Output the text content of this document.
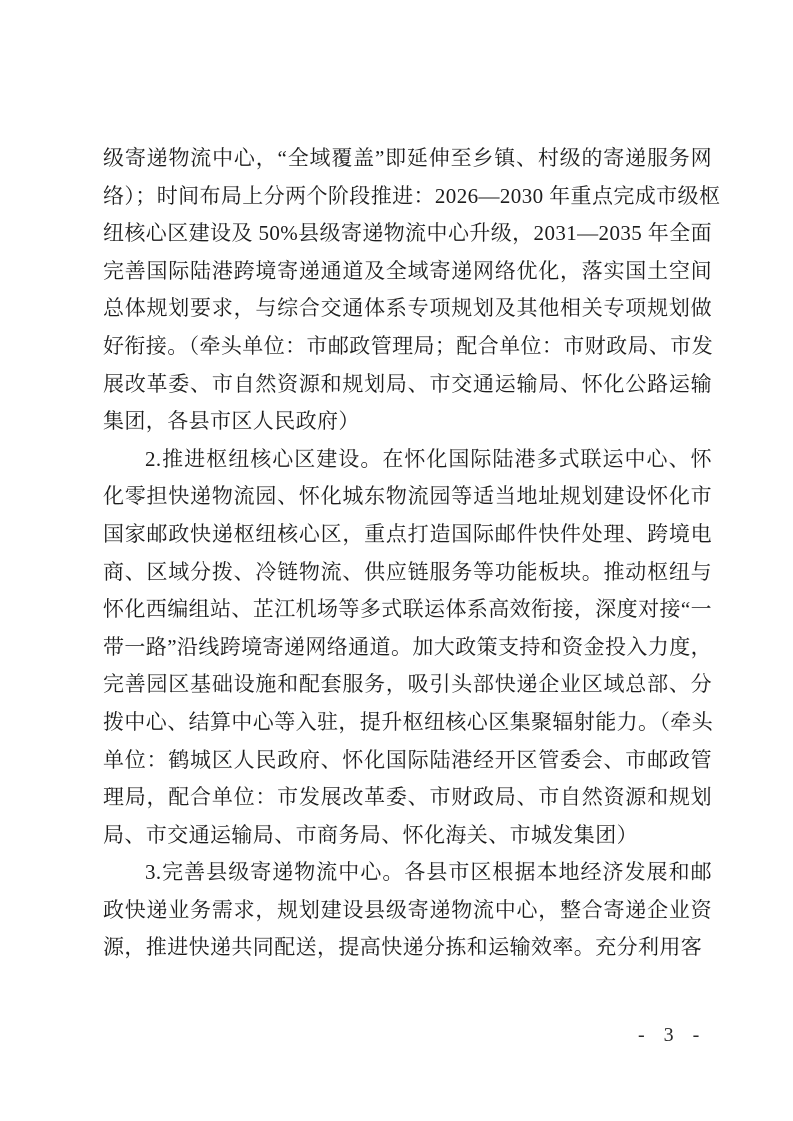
级寄递物流中心，“全域覆盖”即延伸至乡镇、村级的寄递服务网
络）；时间布局上分两个阶段推进：2026—2030 年重点完成市级枢
纽核心区建设及 50%县级寄递物流中心升级，2031—2035 年全面
完善国际陆港跨境寄递通道及全域寄递网络优化，落实国土空间
总体规划要求，与综合交通体系专项规划及其他相关专项规划做
好衔接。（牵头单位：市邮政管理局；配合单位：市财政局、市发
展改革委、市自然资源和规划局、市交通运输局、怀化公路运输
集团，各县市区人民政府）
2.推进枢纽核心区建设。在怀化国际陆港多式联运中心、怀
化零担快递物流园、怀化城东物流园等适当地址规划建设怀化市
国家邮政快递枢纽核心区，重点打造国际邮件快件处理、跨境电
商、区域分拨、冷链物流、供应链服务等功能板块。推动枢纽与
怀化西编组站、芷江机场等多式联运体系高效衔接，深度对接“一
带一路”沿线跨境寄递网络通道。加大政策支持和资金投入力度，
完善园区基础设施和配套服务，吸引头部快递企业区域总部、分
拨中心、结算中心等入驻，提升枢纽核心区集聚辐射能力。（牵头
单位：鹤城区人民政府、怀化国际陆港经开区管委会、市邮政管
理局，配合单位：市发展改革委、市财政局、市自然资源和规划
局、市交通运输局、市商务局、怀化海关、市城发集团）
3.完善县级寄递物流中心。各县市区根据本地经济发展和邮
政快递业务需求，规划建设县级寄递物流中心，整合寄递企业资
源，推进快递共同配送，提高快递分拣和运输效率。充分利用客
- 3 -
